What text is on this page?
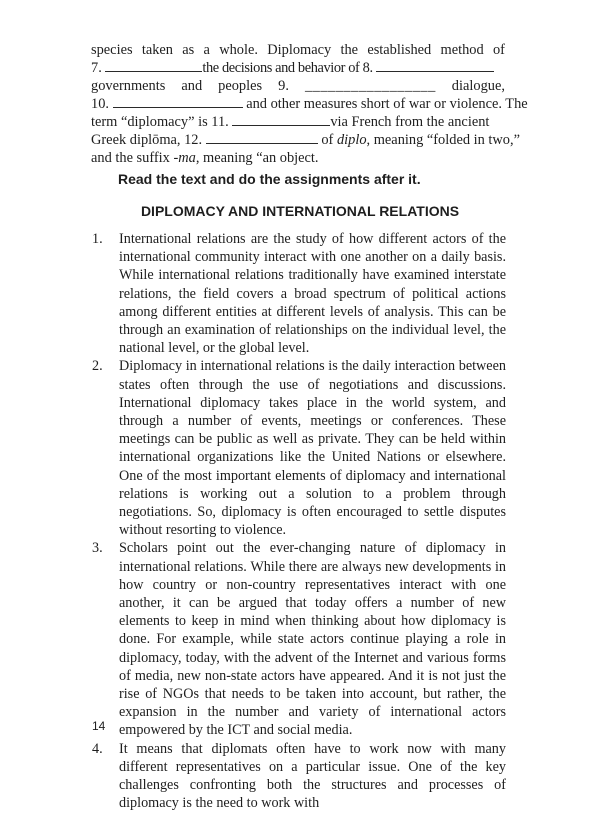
species taken as a whole. Diplomacy the established method of
7.	the decisions and behavior of 8.
governments and peoples 9. _________________ dialogue,
10.	and other measures short of war or violence. The
term “diplomacy” is 11.	via French from the ancient
Greek diplōma, 12.	of diplo, meaning “folded in two,”
and the suffix -ma, meaning “an object.
Read the text and do the assignments after it.
DIPLOMACY AND INTERNATIONAL RELATIONS
1. International relations are the study of how different actors of the international community interact with one another on a daily basis. While international relations traditionally have examined interstate relations, the field covers a broad spectrum of political actions among different entities at different levels of analysis. This can be through an examination of relationships on the individual level, the national level, or the global level.
2. Diplomacy in international relations is the daily interaction between states often through the use of negotiations and discussions. International diplomacy takes place in the world system, and through a number of events, meetings or conferences. These meetings can be public as well as private. They can be held within international organizations like the United Nations or elsewhere. One of the most important elements of diplomacy and international relations is working out a solution to a problem through negotiations. So, diplomacy is often encouraged to settle disputes without resorting to violence.
3. Scholars point out the ever-changing nature of diplomacy in international relations. While there are always new developments in how country or non-country representatives interact with one another, it can be argued that today offers a number of new elements to keep in mind when thinking about how diplomacy is done. For example, while state actors continue playing a role in diplomacy, today, with the advent of the Internet and various forms of media, new non-state actors have appeared. And it is not just the rise of NGOs that needs to be taken into account, but rather, the expansion in the number and variety of international actors empowered by the ICT and social media.
4. It means that diplomats often have to work now with many different representatives on a particular issue. One of the key challenges confronting both the structures and processes of diplomacy is the need to work with
14
